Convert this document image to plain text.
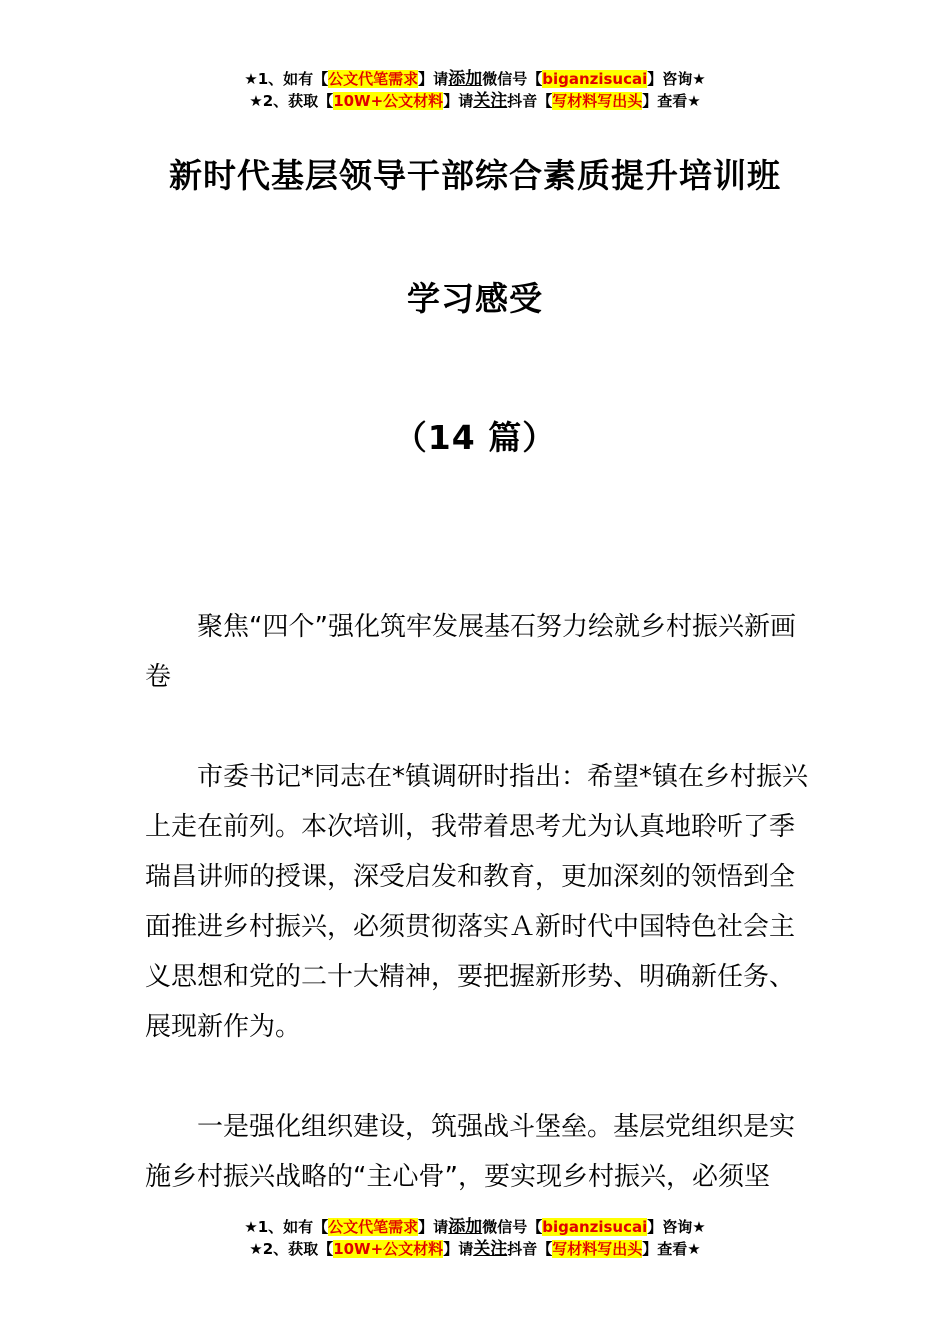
★1、如有【公文代笔需求】请添加微信号【biganzisucai】咨询★
★2、获取【10W+公文材料】请关注抖音【写材料写出头】查看★
新时代基层领导干部综合素质提升培训班
学习感受
（14 篇）

聚焦“四个”强化筑牢发展基石努力绘就乡村振兴新画卷

市委书记*同志在*镇调研时指出：希望*镇在乡村振兴上走在前列。本次培训，我带着思考尤为认真地聆听了季瑞昌讲师的授课，深受启发和教育，更加深刻的领悟到全面推进乡村振兴，必须贯彻落实Ａ新时代中国特色社会主义思想和党的二十大精神，要把握新形势、明确新任务、展现新作为。

一是强化组织建设，筑强战斗堡垒。基层党组织是实施乡村振兴战略的“主心骨”，要实现乡村振兴，必须坚

★1、如有【公文代笔需求】请添加微信号【biganzisucai】咨询★
★2、获取【10W+公文材料】请关注抖音【写材料写出头】查看★
